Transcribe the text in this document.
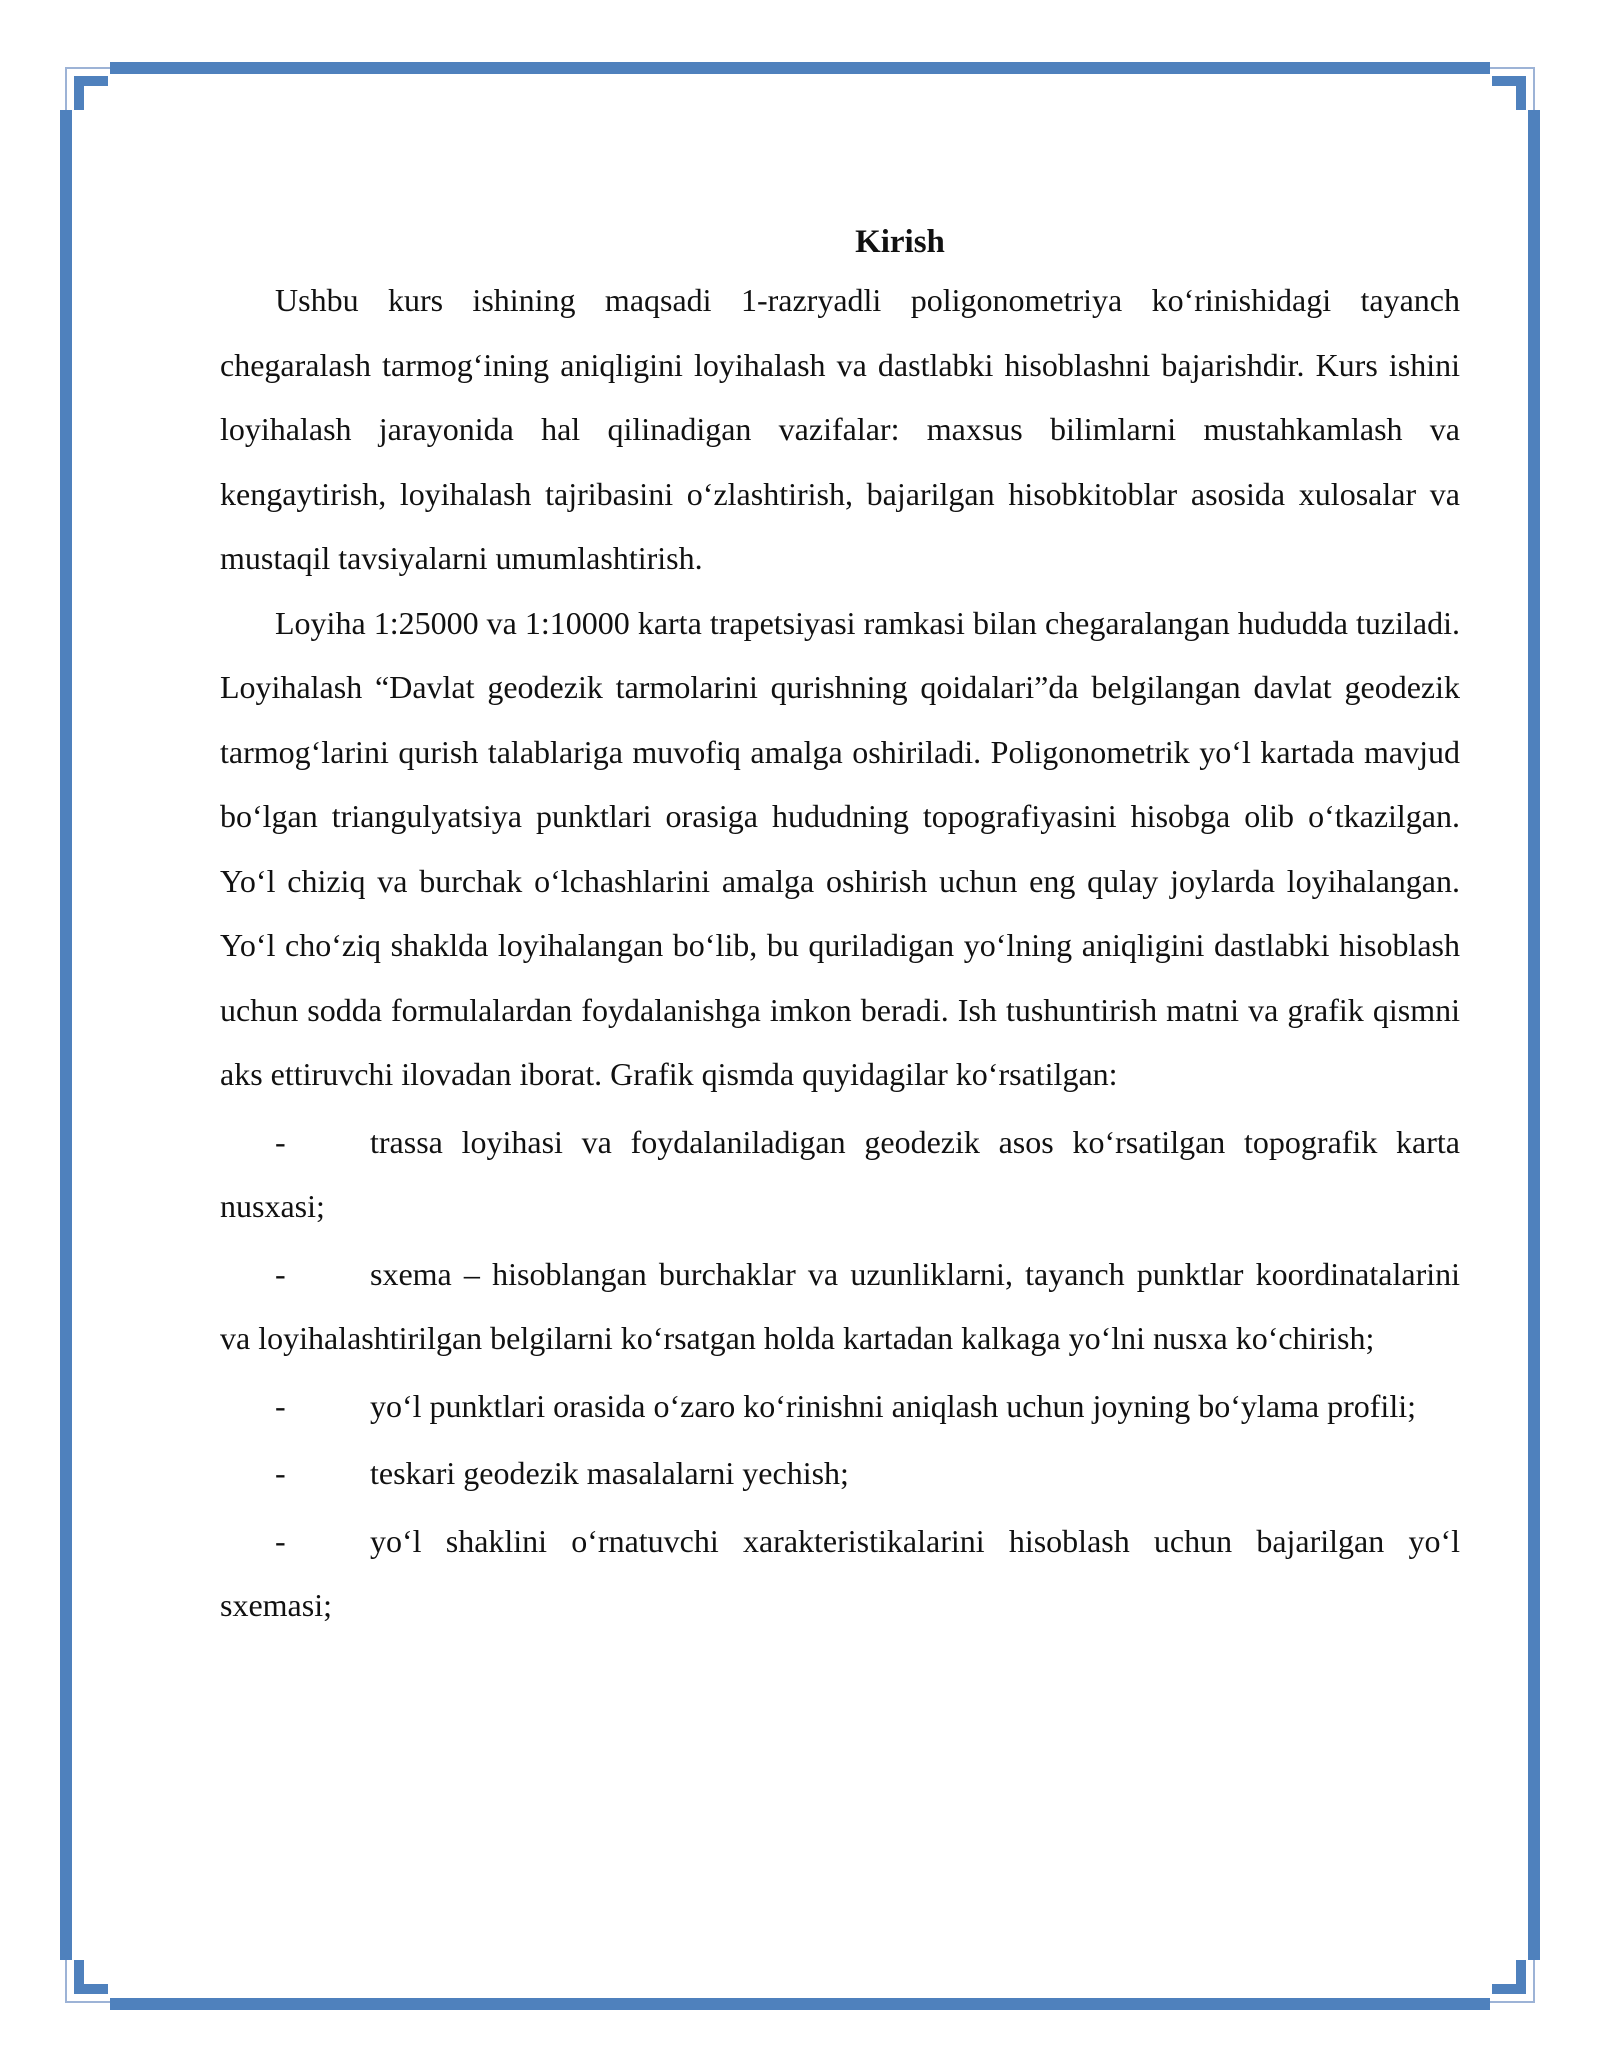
Kirish

Ushbu kurs ishining maqsadi 1-razryadli poligonometriya ko‘rinishidagi tayanch chegaralash tarmog‘ining aniqligini loyihalash va dastlabki hisoblashni bajarishdir. Kurs ishini loyihalash jarayonida hal qilinadigan vazifalar: maxsus bilimlarni mustahkamlash va kengaytirish, loyihalash tajribasini o‘zlashtirish, bajarilgan hisobkitoblar asosida xulosalar va mustaqil tavsiyalarni umumlashtirish.

Loyiha 1:25000 va 1:10000 karta trapetsiyasi ramkasi bilan chegaralangan hududda tuziladi. Loyihalash “Davlat geodezik tarmolarini qurishning qoidalari”da belgilangan davlat geodezik tarmog‘larini qurish talablariga muvofiq amalga oshiriladi. Poligonometrik yo‘l kartada mavjud bo‘lgan triangulyatsiya punktlari orasiga hududning topografiyasini hisobga olib o‘tkazilgan. Yo‘l chiziq va burchak o‘lchashlarini amalga oshirish uchun eng qulay joylarda loyihalangan. Yo‘l cho‘ziq shaklda loyihalangan bo‘lib, bu quriladigan yo‘lning aniqligini dastlabki hisoblash uchun sodda formulalardan foydalanishga imkon beradi. Ish tushuntirish matni va grafik qismni aks ettiruvchi ilovadan iborat. Grafik qismda quyidagilar ko‘rsatilgan:

-	trassa loyihasi va foydalaniladigan geodezik asos ko‘rsatilgan topografik karta nusxasi;

-	sxema – hisoblangan burchaklar va uzunliklarni, tayanch punktlar koordinatalarini va loyihalashtirilgan belgilarni ko‘rsatgan holda kartadan kalkaga yo‘lni nusxa ko‘chirish;

-	yo‘l punktlari orasida o‘zaro ko‘rinishni aniqlash uchun joyning bo‘ylama profili;

-	teskari geodezik masalalarni yechish;

-	yo‘l shaklini o‘rnatuvchi xarakteristikalarini hisoblash uchun bajarilgan yo‘l sxemasi;
